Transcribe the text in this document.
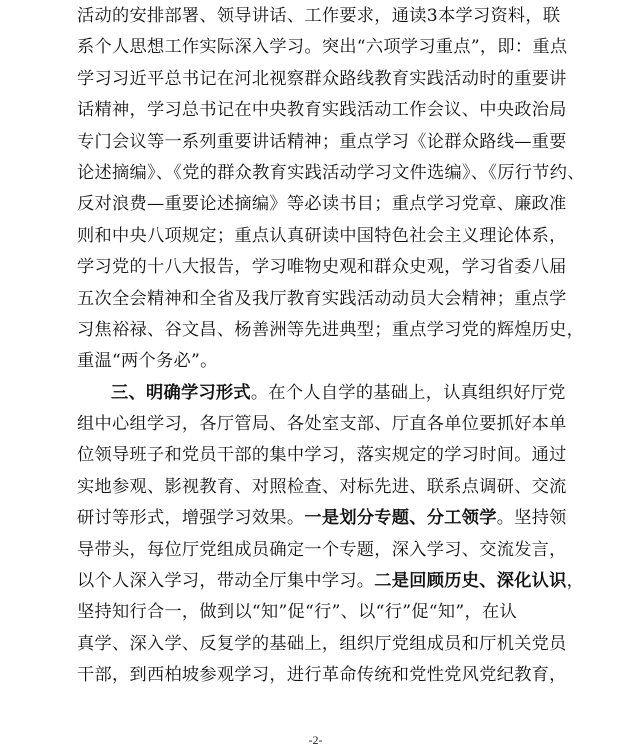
活动的安排部署、领导讲话、工作要求，通读3本学习资料，联
系个人思想工作实际深入学习。突出“六项学习重点”，即：重点
学习习近平总书记在河北视察群众路线教育实践活动时的重要讲
话精神，学习总书记在中央教育实践活动工作会议、中央政治局
专门会议等一系列重要讲话精神；重点学习《论群众路线—重要
论述摘编》、《党的群众教育实践活动学习文件选编》、《厉行节约、
反对浪费—重要论述摘编》等必读书目；重点学习党章、廉政准
则和中央八项规定；重点认真研读中国特色社会主义理论体系，
学习党的十八大报告，学习唯物史观和群众史观，学习省委八届
五次全会精神和全省及我厅教育实践活动动员大会精神；重点学
习焦裕禄、谷文昌、杨善洲等先进典型；重点学习党的辉煌历史，
重温“两个务必”。
三、明确学习形式。在个人自学的基础上，认真组织好厅党
组中心组学习，各厅管局、各处室支部、厅直各单位要抓好本单
位领导班子和党员干部的集中学习，落实规定的学习时间。通过
实地参观、影视教育、对照检查、对标先进、联系点调研、交流
研讨等形式，增强学习效果。一是划分专题、分工领学。坚持领
导带头，每位厅党组成员确定一个专题，深入学习、交流发言，
以个人深入学习，带动全厅集中学习。二是回顾历史、深化认识，
坚持知行合一，做到以“知”促“行”、以“行”促“知”，在认
真学、深入学、反复学的基础上，组织厅党组成员和厅机关党员
干部，到西柏坡参观学习，进行革命传统和党性党风党纪教育，
-2-
